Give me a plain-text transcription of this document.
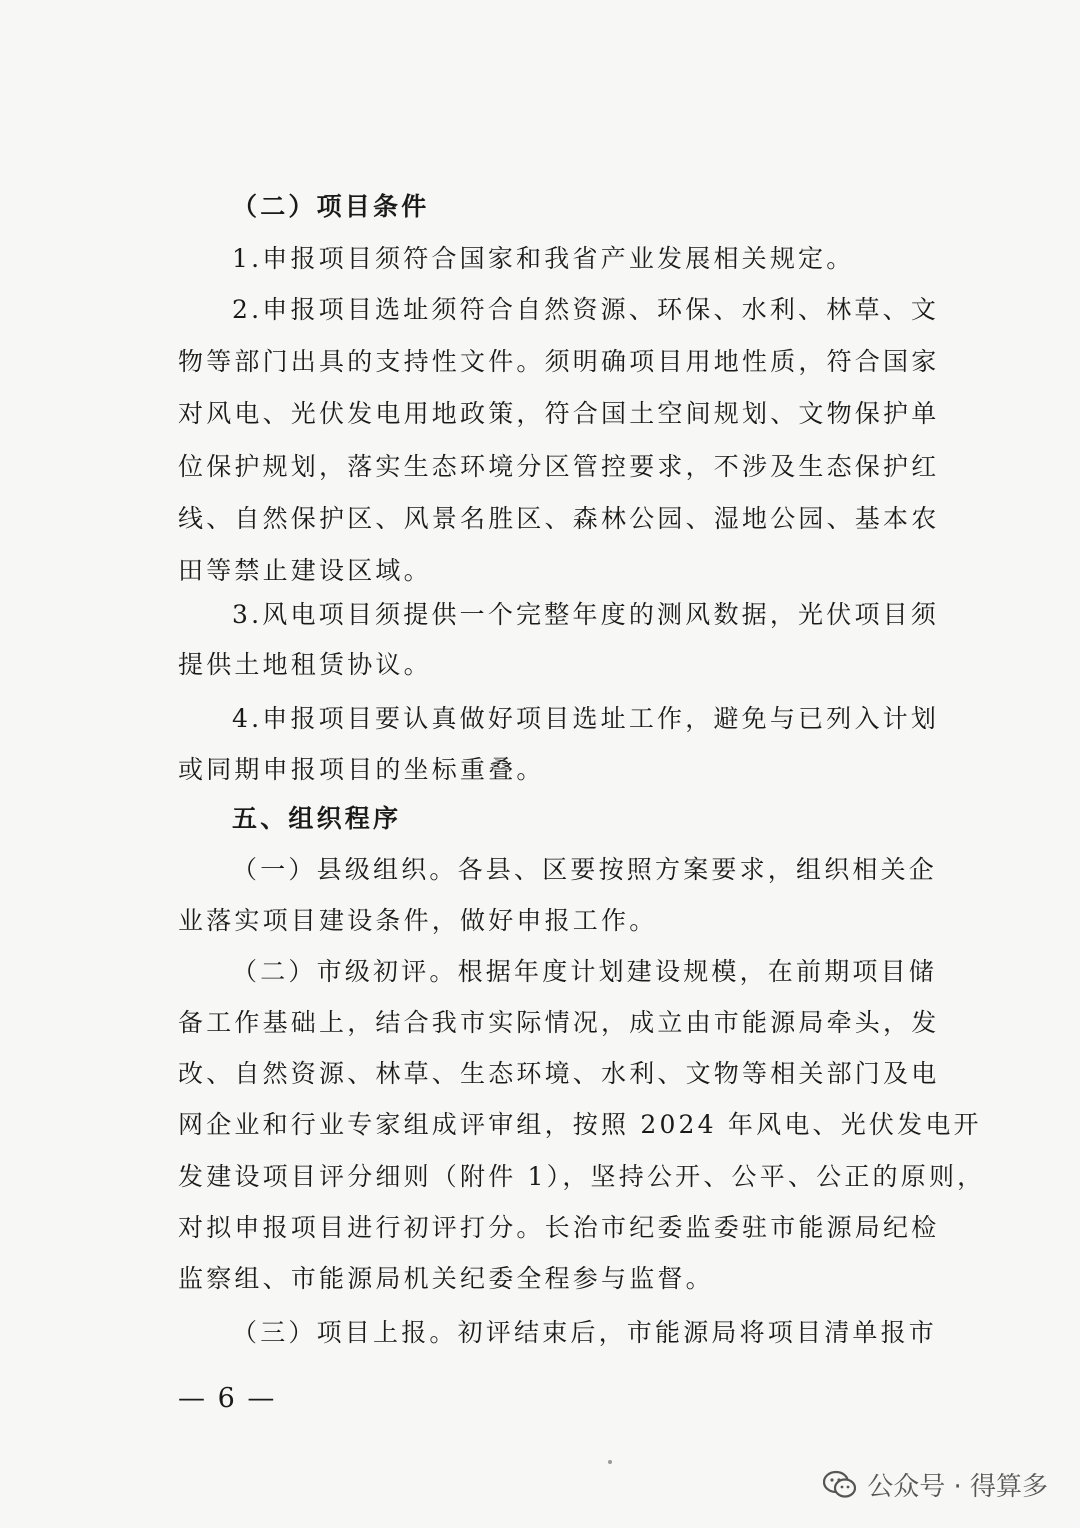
（二）项目条件
1.申报项目须符合国家和我省产业发展相关规定。
2.申报项目选址须符合自然资源、环保、水利、林草、文
物等部门出具的支持性文件。须明确项目用地性质，符合国家
对风电、光伏发电用地政策，符合国土空间规划、文物保护单
位保护规划，落实生态环境分区管控要求，不涉及生态保护红
线、自然保护区、风景名胜区、森林公园、湿地公园、基本农
田等禁止建设区域。
3.风电项目须提供一个完整年度的测风数据，光伏项目须
提供土地租赁协议。
4.申报项目要认真做好项目选址工作，避免与已列入计划
或同期申报项目的坐标重叠。
五、组织程序
（一）县级组织。各县、区要按照方案要求，组织相关企
业落实项目建设条件，做好申报工作。
（二）市级初评。根据年度计划建设规模，在前期项目储
备工作基础上，结合我市实际情况，成立由市能源局牵头，发
改、自然资源、林草、生态环境、水利、文物等相关部门及电
网企业和行业专家组成评审组，按照 2024 年风电、光伏发电开
发建设项目评分细则（附件 1），坚持公开、公平、公正的原则，
对拟申报项目进行初评打分。长治市纪委监委驻市能源局纪检
监察组、市能源局机关纪委全程参与监督。
（三）项目上报。初评结束后，市能源局将项目清单报市
— 6 —
公众号 · 得算多
